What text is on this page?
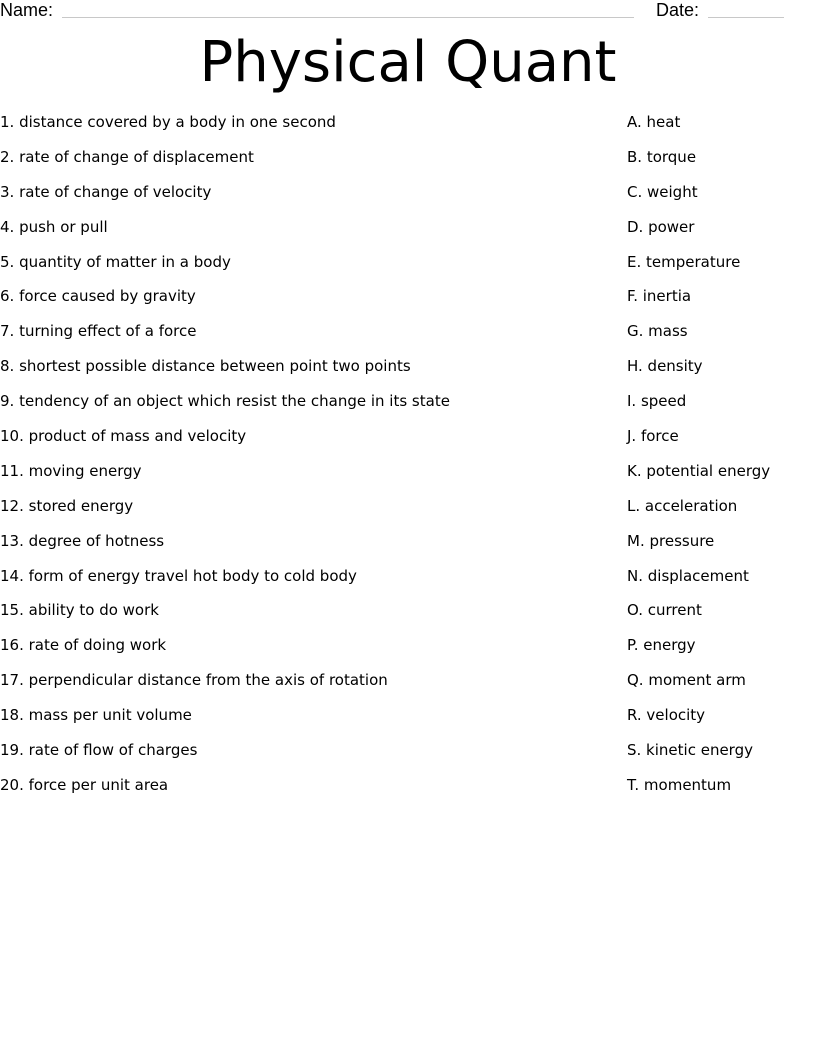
Name:	Date:
Physical Quant
1. distance covered by a body in one second
2. rate of change of displacement
3. rate of change of velocity
4. push or pull
5. quantity of matter in a body
6. force caused by gravity
7. turning effect of a force
8. shortest possible distance between point two points
9. tendency of an object which resist the change in its state
10. product of mass and velocity
11. moving energy
12. stored energy
13. degree of hotness
14. form of energy travel hot body to cold body
15. ability to do work
16. rate of doing work
17. perpendicular distance from the axis of rotation
18. mass per unit volume
19. rate of flow of charges
20. force per unit area
A. heat
B. torque
C. weight
D. power
E. temperature
F. inertia
G. mass
H. density
I. speed
J. force
K. potential energy
L. acceleration
M. pressure
N. displacement
O. current
P. energy
Q. moment arm
R. velocity
S. kinetic energy
T. momentum
